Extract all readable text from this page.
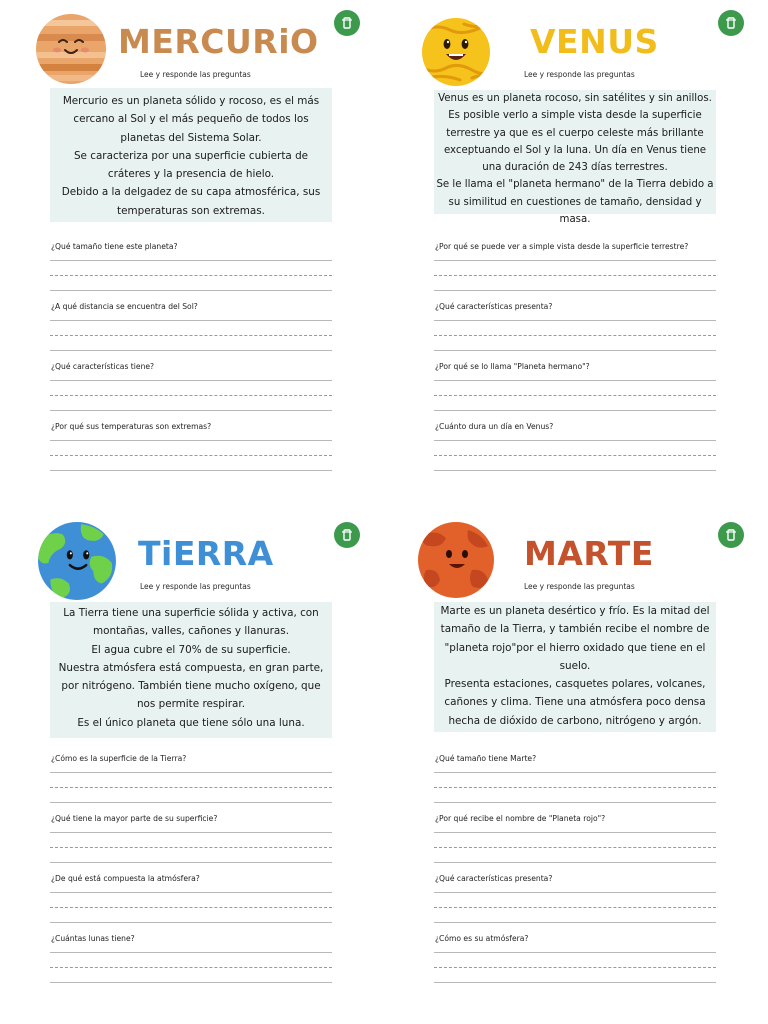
MERCURiO
Lee y responde las preguntas

Mercurio es un planeta sólido y rocoso, es el más cercano al Sol y el más pequeño de todos los planetas del Sistema Solar.

Se caracteriza por una superficie cubierta de cráteres y la presencia de hielo.

Debido a la delgadez de su capa atmosférica, sus temperaturas son extremas.

¿Qué tamaño tiene este planeta?
¿A qué distancia se encuentra del Sol?
¿Qué características tiene?
¿Por qué sus temperaturas son extremas?
VENUS
Lee y responde las preguntas

Venus es un planeta rocoso, sin satélites y sin anillos.

Es posible verlo a simple vista desde la superficie terrestre ya que es el cuerpo celeste más brillante exceptuando el Sol y la luna. Un día en Venus tiene una duración de 243 días terrestres.

Se le llama el "planeta hermano" de la Tierra debido a su similitud en cuestiones de tamaño, densidad y masa.

¿Por qué se puede ver a simple vista desde la superficie terrestre?
¿Qué características presenta?
¿Por qué se lo llama "Planeta hermano"?
¿Cuánto dura un día en Venus?
TiERRA
Lee y responde las preguntas

La Tierra tiene una superficie sólida y activa, con montañas, valles, cañones y llanuras.

El agua cubre el 70% de su superficie.

Nuestra atmósfera está compuesta, en gran parte, por nitrógeno. También tiene mucho oxígeno, que nos permite respirar.

Es el único planeta que tiene sólo una luna.

¿Cómo es la superficie de la Tierra?
¿Qué tiene la mayor parte de su superficie?
¿De qué está compuesta la atmósfera?
¿Cuántas lunas tiene?
MARTE
Lee y responde las preguntas

Marte es un planeta desértico y frío. Es la mitad del tamaño de la Tierra, y también recibe el nombre de "planeta rojo"por el hierro oxidado que tiene en el suelo.

Presenta estaciones, casquetes polares, volcanes, cañones y clima. Tiene una atmósfera poco densa hecha de dióxido de carbono, nitrógeno y argón.

¿Qué tamaño tiene Marte?
¿Por qué recibe el nombre de "Planeta rojo"?
¿Qué características presenta?
¿Cómo es su atmósfera?
